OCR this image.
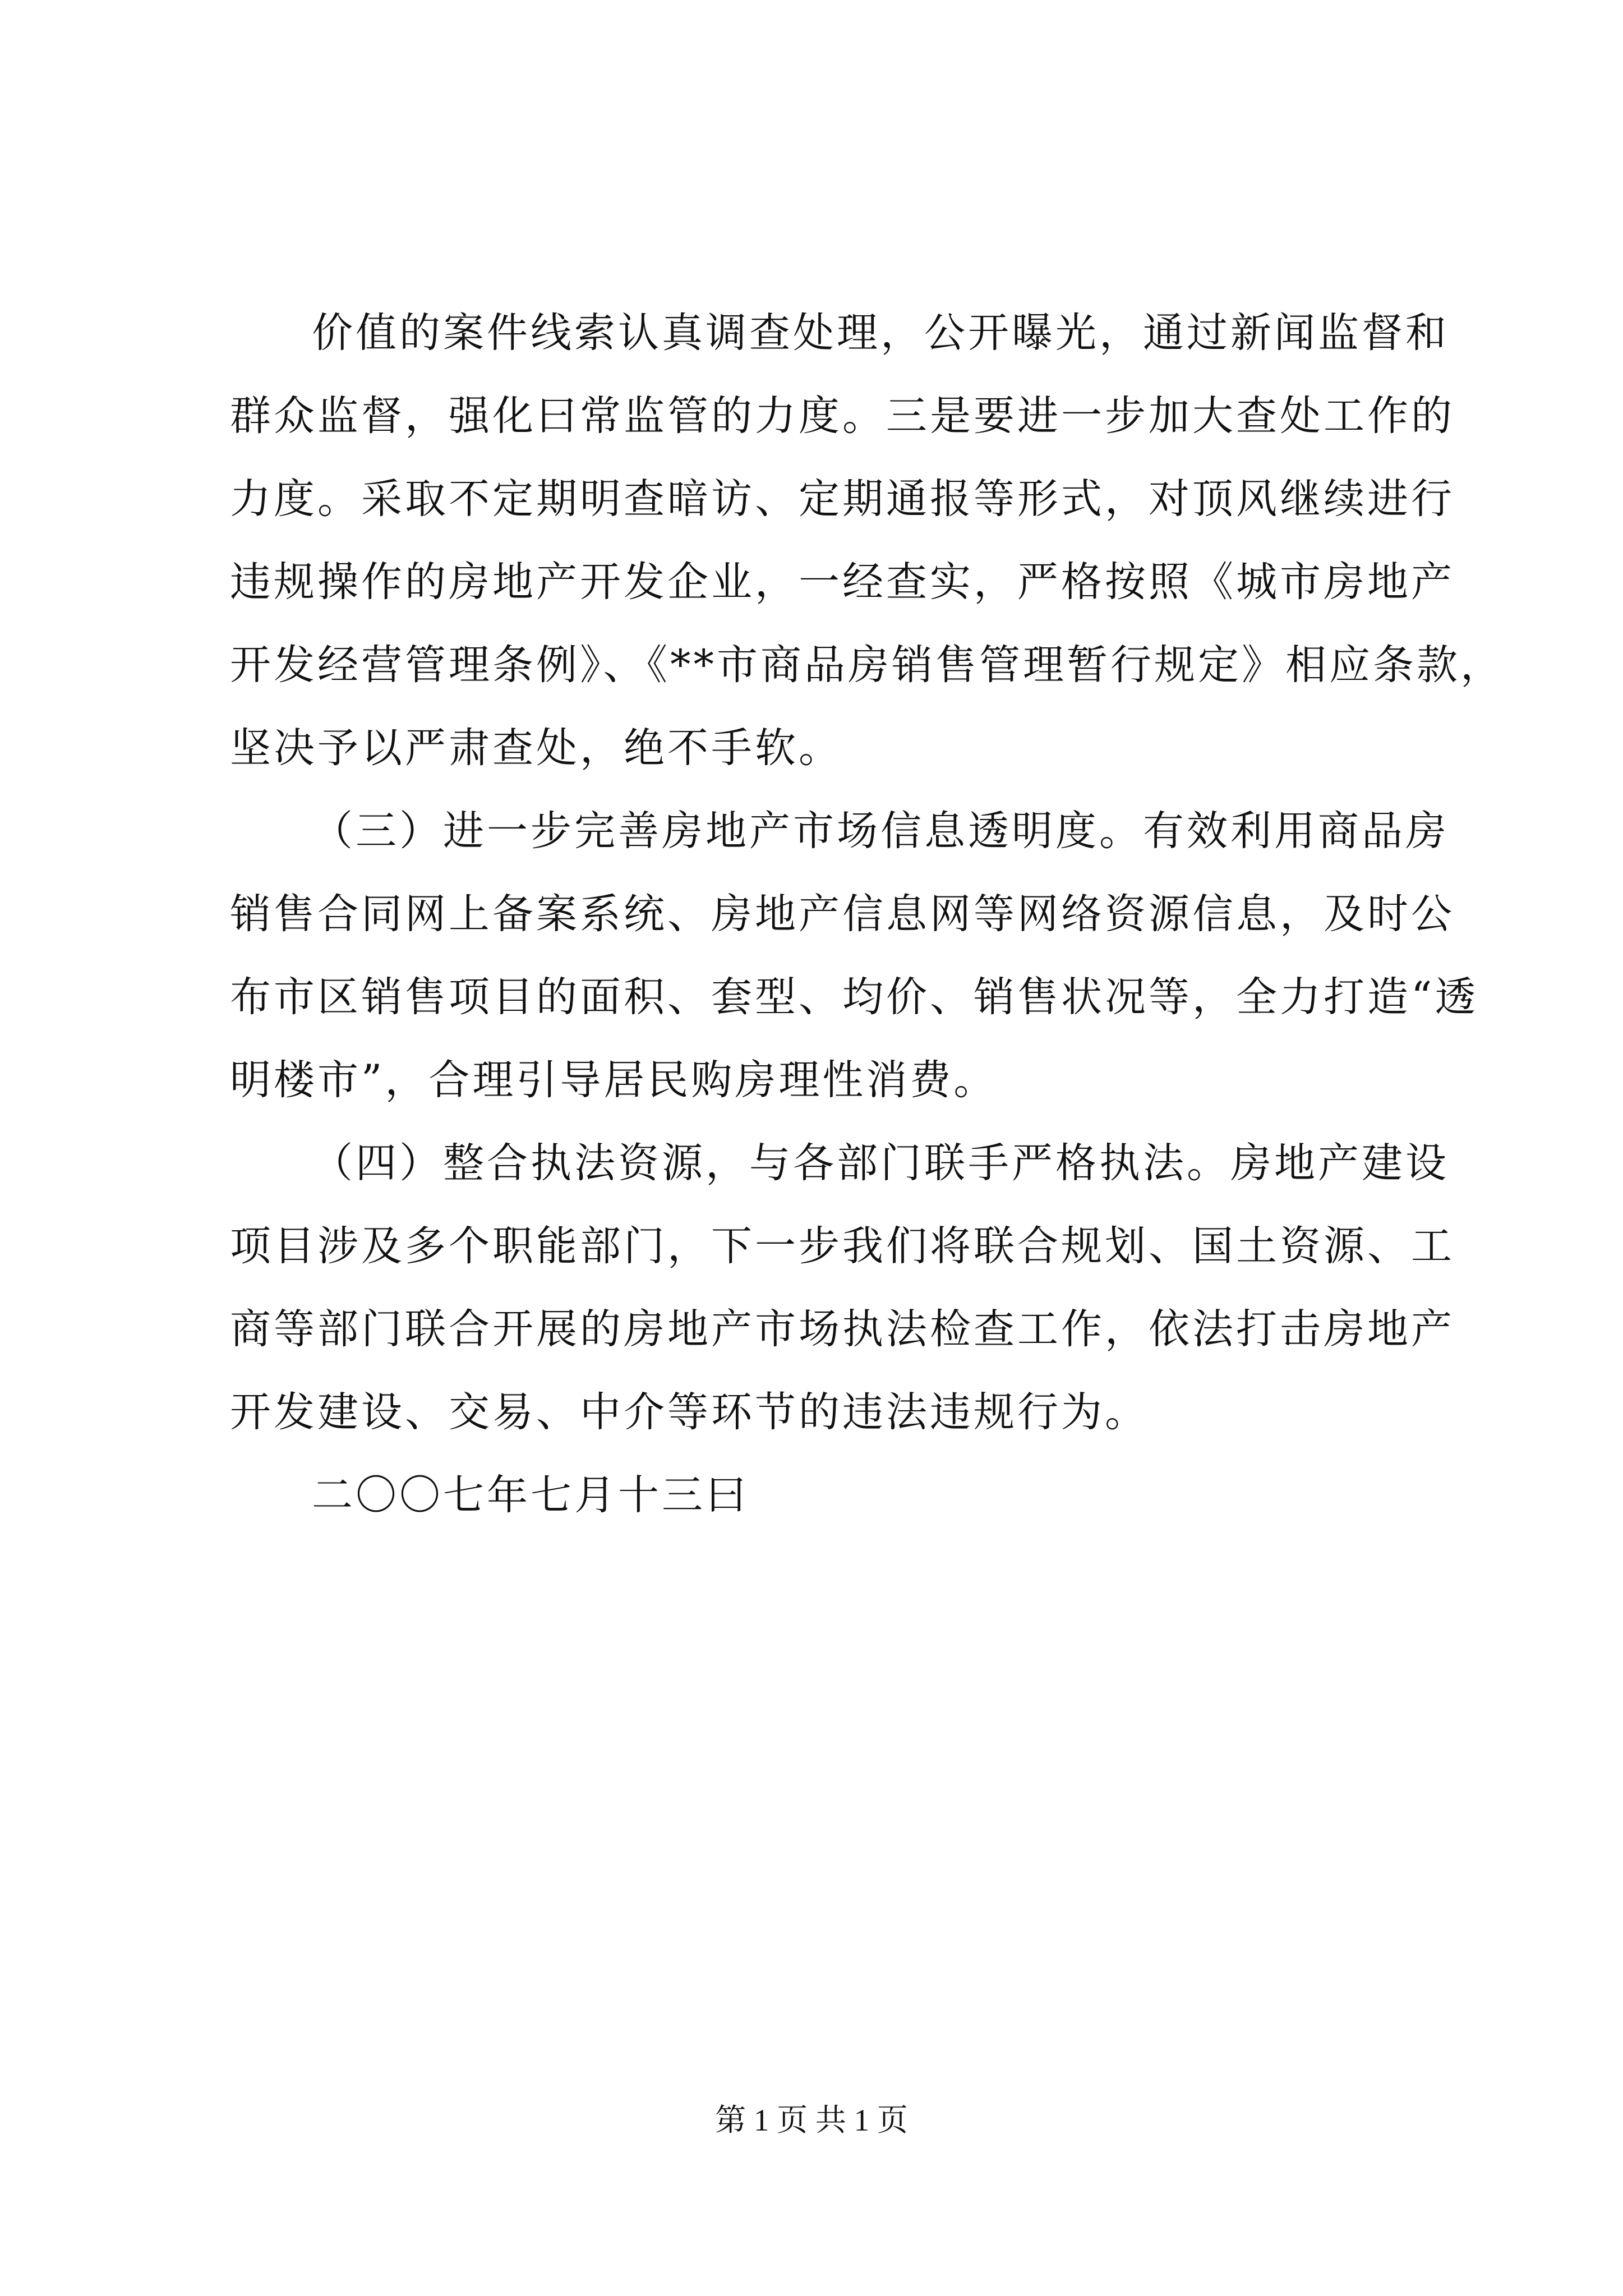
价值的案件线索认真调查处理，公开曝光，通过新闻监督和
群众监督，强化曰常监管的力度。三是要进一步加大查处工作的
力度。采取不定期明查暗访、定期通报等形式，对顶风继续进行
违规操作的房地产开发企业，一经查实，严格按照《城市房地产
开发经营管理条例》、《**市商品房销售管理暂行规定》相应条款，
坚决予以严肃查处，绝不手软。
（三）进一步完善房地产市场信息透明度。有效利用商品房
销售合同网上备案系统、房地产信息网等网络资源信息，及时公
布市区销售项目的面积、套型、均价、销售状况等，全力打造“透
明楼市”，合理引导居民购房理性消费。
（四）整合执法资源，与各部门联手严格执法。房地产建设
项目涉及多个职能部门，下一步我们将联合规划、国土资源、工
商等部门联合开展的房地产市场执法检查工作，依法打击房地产
开发建设、交易、中介等环节的违法违规行为。
二〇〇七年七月十三曰
第 1 页 共 1 页
